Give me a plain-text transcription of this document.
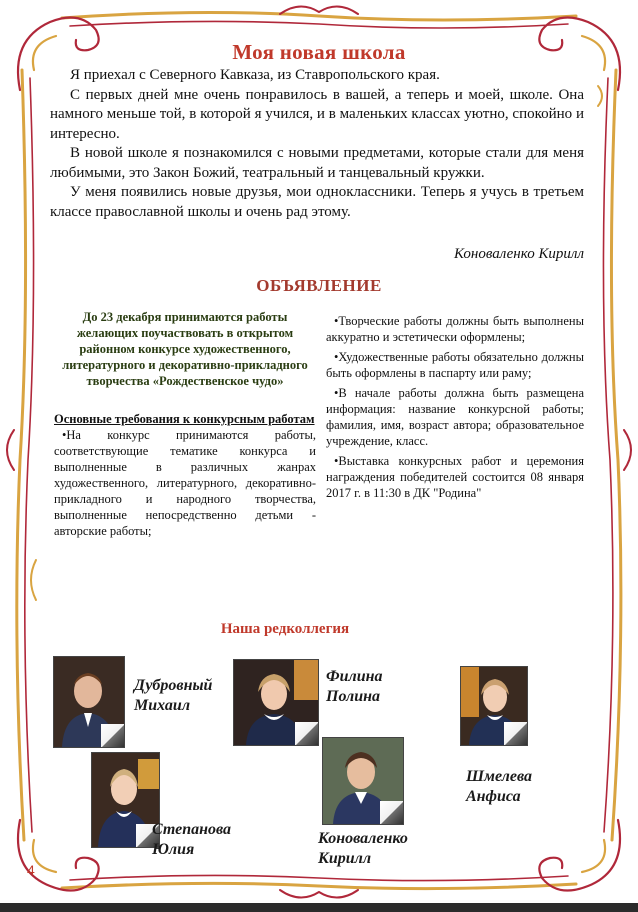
Моя новая школа

Я приехал с Северного Кавказа, из Ставропольского края.

С первых дней мне очень понравилось в вашей, а теперь и моей, школе. Она намного меньше той, в которой я учился, и в маленьких классах уютно, спокойно и интересно.

В новой школе я познакомился с новыми предметами, которые стали для меня любимыми, это Закон Божий, театральный и танцевальный кружки.

У меня появились новые друзья, мои одноклассники. Теперь я учусь в третьем классе православной школы и очень рад этому.

Коноваленко Кирилл
ОБЪЯВЛЕНИЕ
До 23 декабря принимаются работы желающих поучаствовать в открытом районном конкурсе художественного, литературного и декоративно-прикладного творчества «Рождественское чудо»
Основные требования к конкурсным работам

•На конкурс принимаются работы, соответствующие тематике конкурса и выполненные в различных жанрах художественного, литературного, декоративно-прикладного и народного творчества, выполненные непосредственно детьми - авторские работы;

•Творческие работы должны быть выполнены аккуратно и эстетически оформлены;

•Художественные работы обязательно должны быть оформлены в паспарту или раму;

•В начале работы должна быть размещена информация: название конкурсной работы; фамилия, имя, возраст автора; образовательное учреждение, класс.

•Выставка конкурсных работ и церемония награждения победителей состоится 08 января 2017 г. в 11:30 в ДК "Родина"

Наша редколлегия
Дубровный
Михаил
Филина
Полина
Шмелева
Анфиса
Степанова
Юлия
Коноваленко
Кирилл
4
